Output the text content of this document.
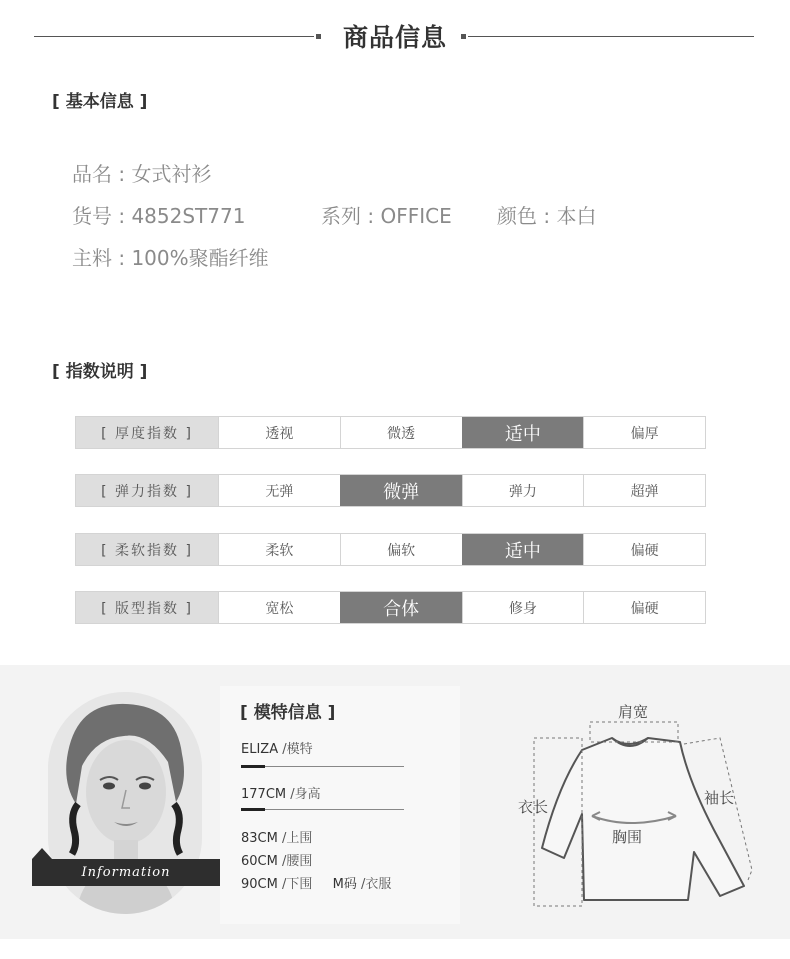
商品信息
[ 基本信息 ]
品名 : 女式衬衫
货号 : 4852ST771	系列 : OFFICE 颜色 : 本白
主料 : 100%聚酯纤维
[ 指数说明 ]
[ 厚度指数 ]	透视	微透	适中	偏厚
[ 弹力指数 ]	无弹	微弹	弹力	超弹
[ 柔软指数 ]	柔软	偏软	适中	偏硬
[ 版型指数 ]	宽松	合体	修身	偏硬
Information
[ 模特信息 ]
ELIZA /模特
177CM /身高
83CM /上围
60CM /腰围
90CM /下围 M码 /衣服
肩宽
衣长	袖长
胸围
